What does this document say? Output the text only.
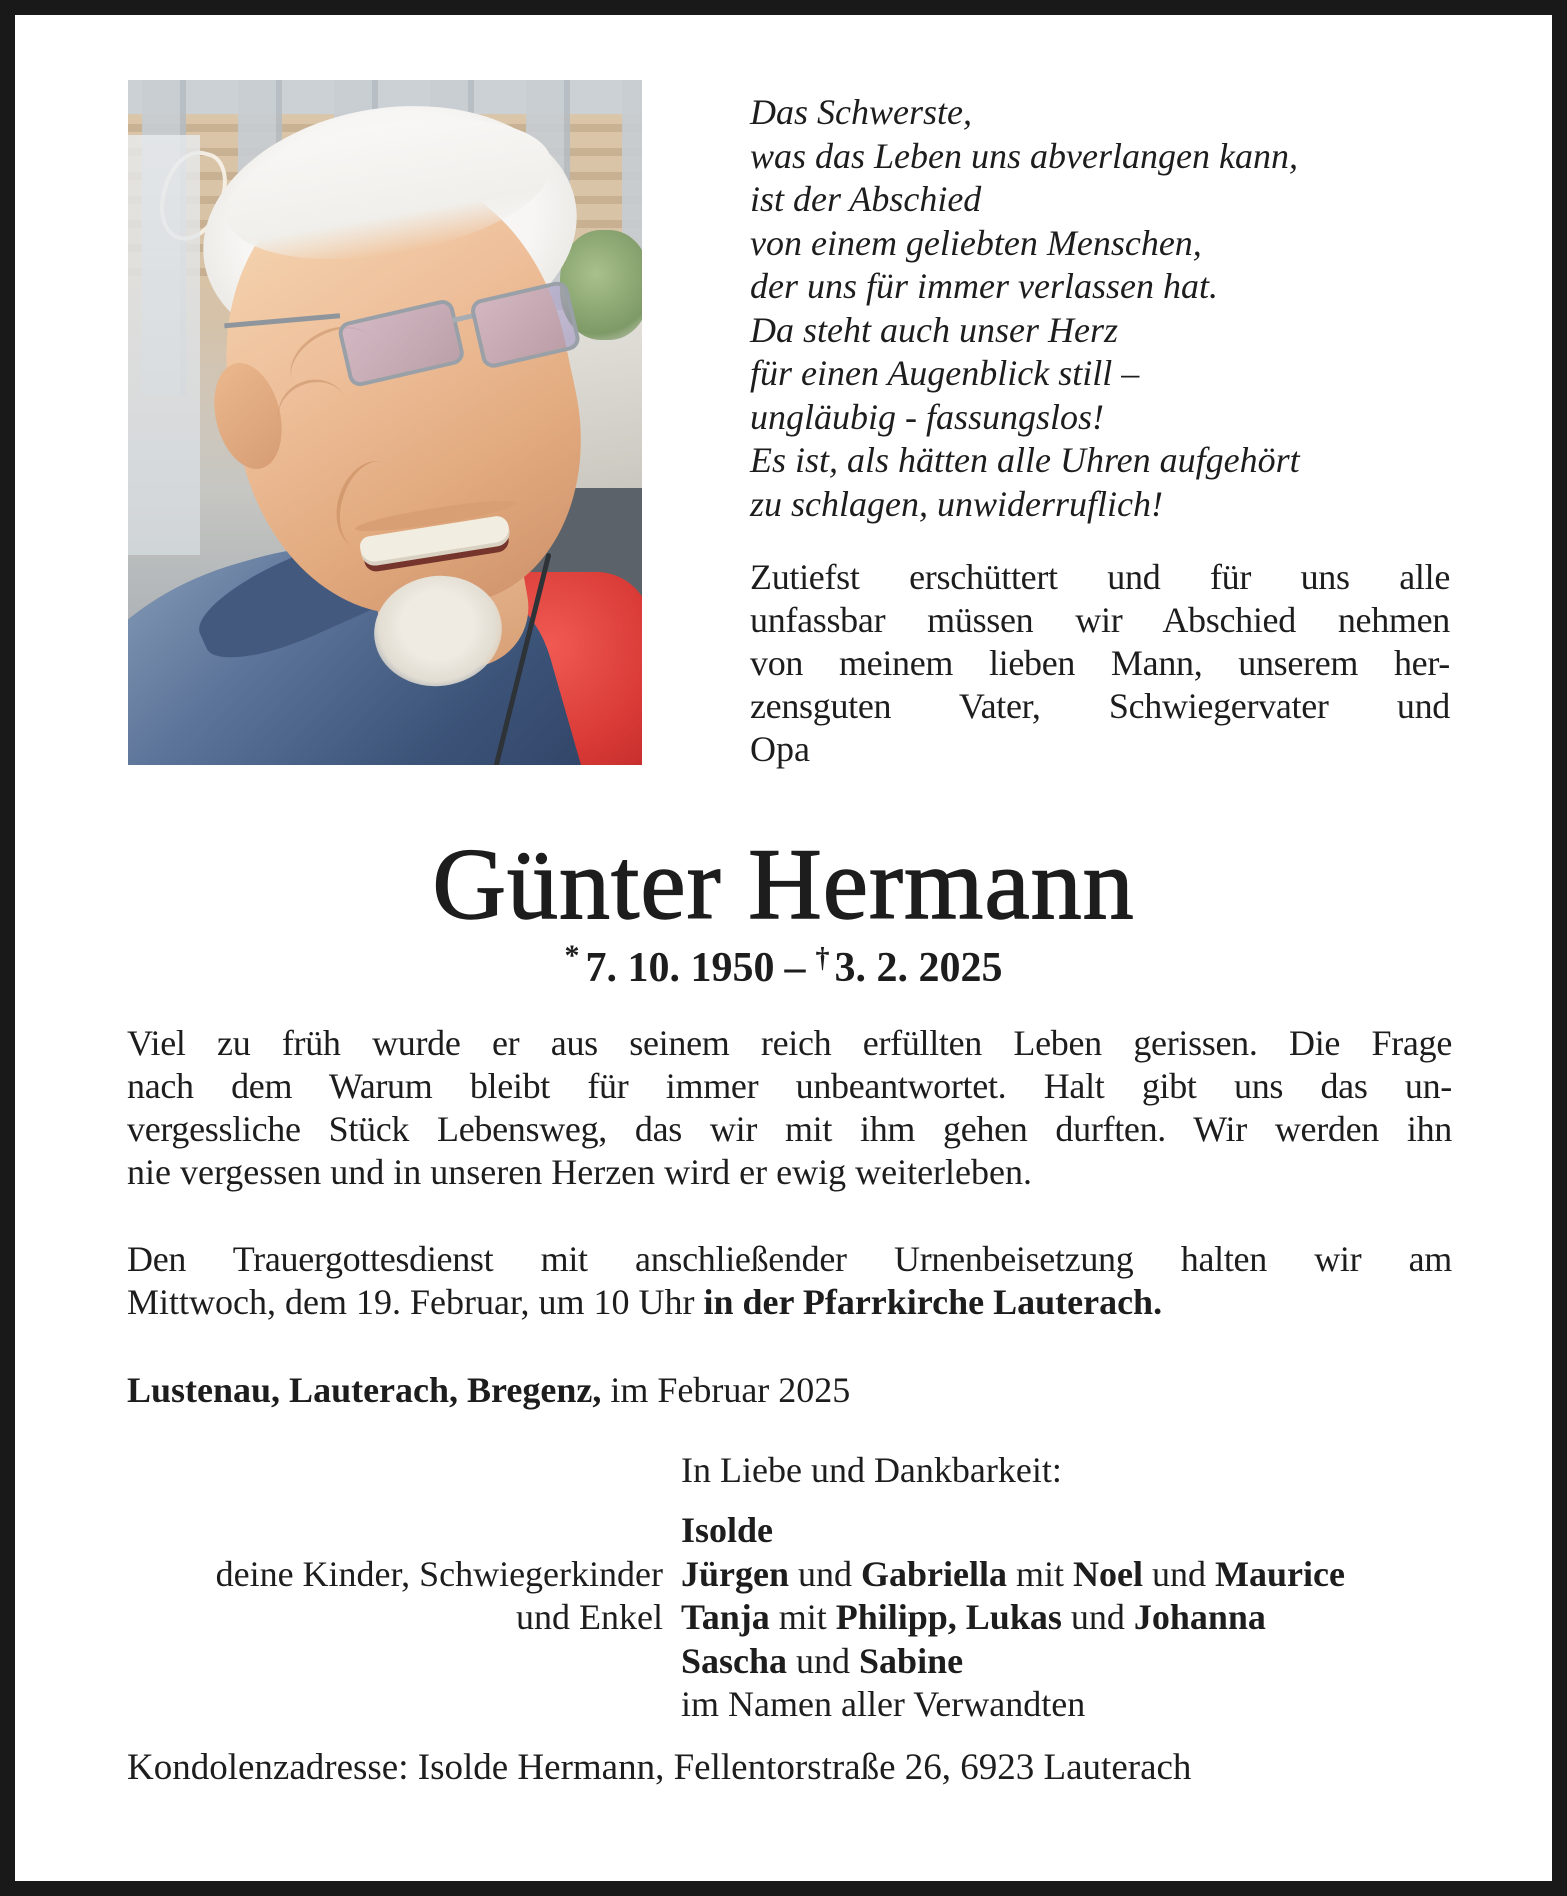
Das Schwerste,
was das Leben uns abverlangen kann,
ist der Abschied
von einem geliebten Menschen,
der uns für immer verlassen hat.
Da steht auch unser Herz
für einen Augenblick still –
ungläubig - fassungslos!
Es ist, als hätten alle Uhren aufgehört
zu schlagen, unwiderruflich!
Zutiefst erschüttert und für uns alle
unfassbar müssen wir Abschied nehmen
von meinem lieben Mann, unserem her-
zensguten Vater, Schwiegervater und
Opa
Günter Hermann
* 7. 10. 1950 – † 3. 2. 2025
Viel zu früh wurde er aus seinem reich erfüllten Leben gerissen. Die Frage
nach dem Warum bleibt für immer unbeantwortet. Halt gibt uns das un-
vergessliche Stück Lebensweg, das wir mit ihm gehen durften. Wir werden ihn
nie vergessen und in unseren Herzen wird er ewig weiterleben.
Den Trauergottesdienst mit anschließender Urnenbeisetzung halten wir am
Mittwoch, dem 19. Februar, um 10 Uhr in der Pfarrkirche Lauterach.
Lustenau, Lauterach, Bregenz, im Februar 2025
In Liebe und Dankbarkeit:
Isolde
deine Kinder, Schwiegerkinder Jürgen und Gabriella mit Noel und Maurice
und Enkel Tanja mit Philipp, Lukas und Johanna
Sascha und Sabine
im Namen aller Verwandten
Kondolenzadresse: Isolde Hermann, Fellentorstraße 26, 6923 Lauterach
